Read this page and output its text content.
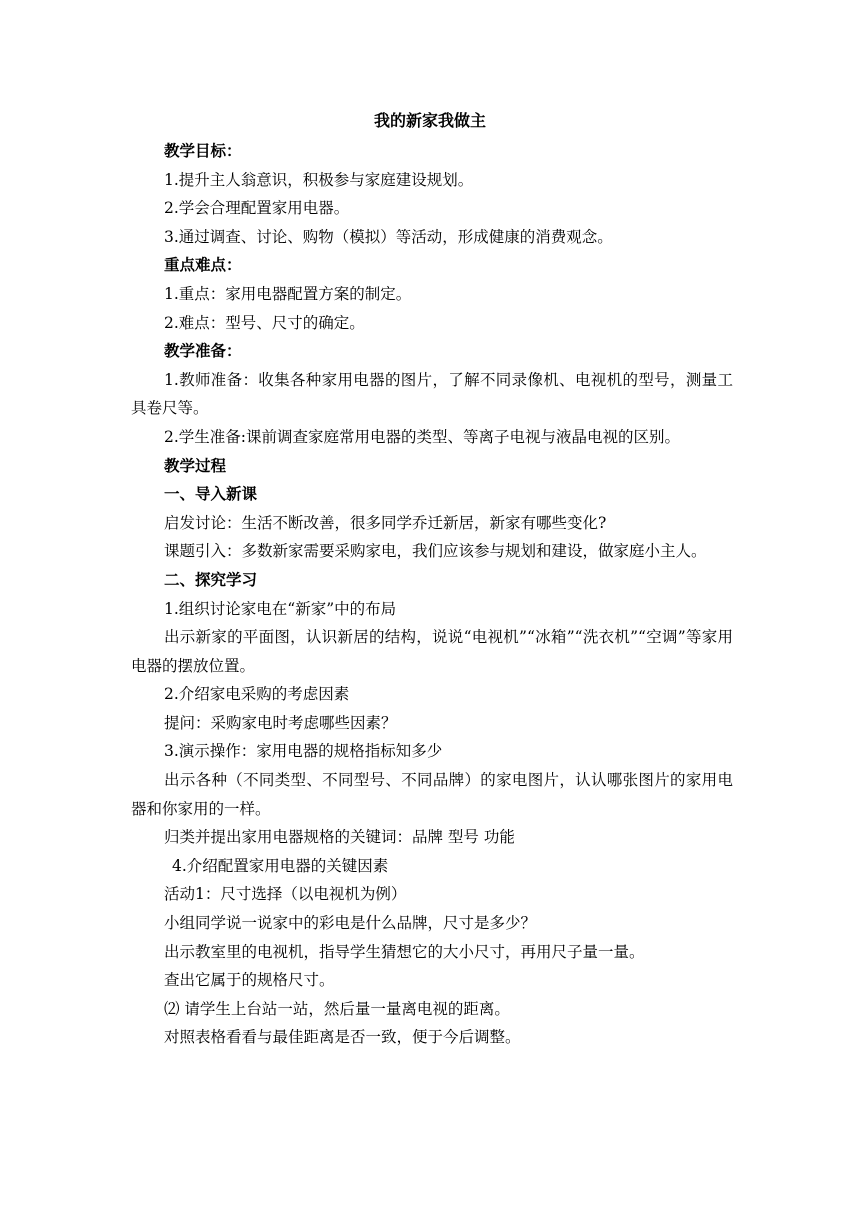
我的新家我做主

教学目标：

1.提升主人翁意识，积极参与家庭建设规划。

2.学会合理配置家用电器。

3.通过调查、讨论、购物（模拟）等活动，形成健康的消费观念。

重点难点：

1.重点：家用电器配置方案的制定。

2.难点：型号、尺寸的确定。

教学准备：

1.教师准备：收集各种家用电器的图片，了解不同录像机、电视机的型号，测量工具卷尺等。

2.学生准备:课前调查家庭常用电器的类型、等离子电视与液晶电视的区别。

教学过程

一、导入新课

启发讨论：生活不断改善，很多同学乔迁新居，新家有哪些变化?

课题引入：多数新家需要采购家电，我们应该参与规划和建设，做家庭小主人。

二、探究学习

1.组织讨论家电在“新家”中的布局

出示新家的平面图，认识新居的结构，说说“电视机”“冰箱”“洗衣机”“空调”等家用电器的摆放位置。

2.介绍家电采购的考虑因素

提问：采购家电时考虑哪些因素？

3.演示操作：家用电器的规格指标知多少

出示各种（不同类型、不同型号、不同品牌）的家电图片，认认哪张图片的家用电器和你家用的一样。

归类并提出家用电器规格的关键词：品牌 型号 功能

4.介绍配置家用电器的关键因素

活动1：尺寸选择（以电视机为例）

小组同学说一说家中的彩电是什么品牌，尺寸是多少？

出示教室里的电视机，指导学生猜想它的大小尺寸，再用尺子量一量。

查出它属于的规格尺寸。

⑵ 请学生上台站一站，然后量一量离电视的距离。

对照表格看看与最佳距离是否一致，便于今后调整。
